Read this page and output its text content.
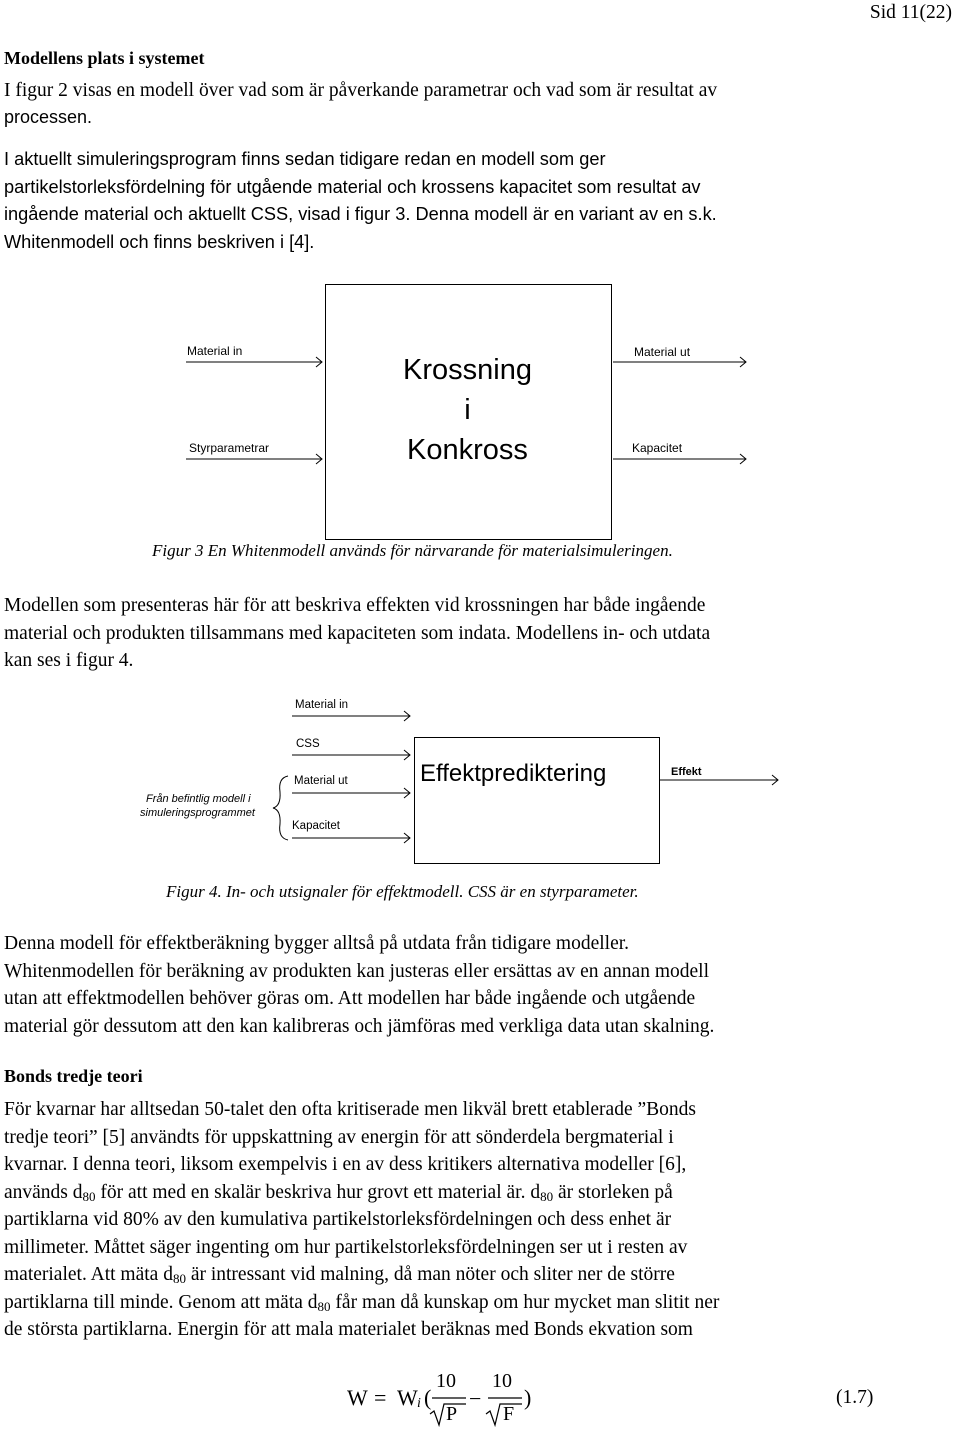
Sid 11(22)
Modellens plats i systemet
I figur 2 visas en modell över vad som är påverkande parametrar och vad som är resultat av
processen.
I aktuellt simuleringsprogram finns sedan tidigare redan en modell som ger
partikelstorleksfördelning för utgående material och krossens kapacitet som resultat av
ingående material och aktuellt CSS, visad i figur 3. Denna modell är en variant av en s.k.
Whitenmodell och finns beskriven i [4].
Krossning
i
Konkross
Material in
Styrparametrar
Material ut
Kapacitet
Figur 3 En Whitenmodell används för närvarande för materialsimuleringen.
Modellen som presenteras här för att beskriva effekten vid krossningen har både ingående
material och produkten tillsammans med kapaciteten som indata. Modellens in- och utdata
kan ses i figur 4.
Effektprediktering
Material in
CSS
Material ut
Kapacitet
Effekt
Från befintlig modell i
simuleringsprogrammet
Figur 4. In- och utsignaler för effektmodell. CSS är en styrparameter.
Denna modell för effektberäkning bygger alltså på utdata från tidigare modeller.
Whitenmodellen för beräkning av produkten kan justeras eller ersättas av en annan modell
utan att effektmodellen behöver göras om. Att modellen har både ingående och utgående
material gör dessutom att den kan kalibreras och jämföras med verkliga data utan skalning.
Bonds tredje teori
För kvarnar har alltsedan 50-talet den ofta kritiserade men likväl brett etablerade ”Bonds
tredje teori” [5] användts för uppskattning av energin för att sönderdela bergmaterial i
kvarnar. I denna teori, liksom exempelvis i en av dess kritikers alternativa modeller [6],
används $d_{80}$ för att med en skalär beskriva hur grovt ett material är. $d_{80}$ är storleken på
partiklarna vid 80% av den kumulativa partikelstorleksfördelningen och dess enhet är
millimeter. Måttet säger ingenting om hur partikelstorleksfördelningen ser ut i resten av
materialet. Att mäta $d_{80}$ är intressant vid malning, då man nöter och sliter ner de större
partiklarna till minde. Genom att mäta $d_{80}$ får man då kunskap om hur mycket man slitit ner
de största partiklarna. Energin för att mala materialet beräknas med Bonds ekvation som
W = W i (
10
−
10
P F
)	(1.7)
